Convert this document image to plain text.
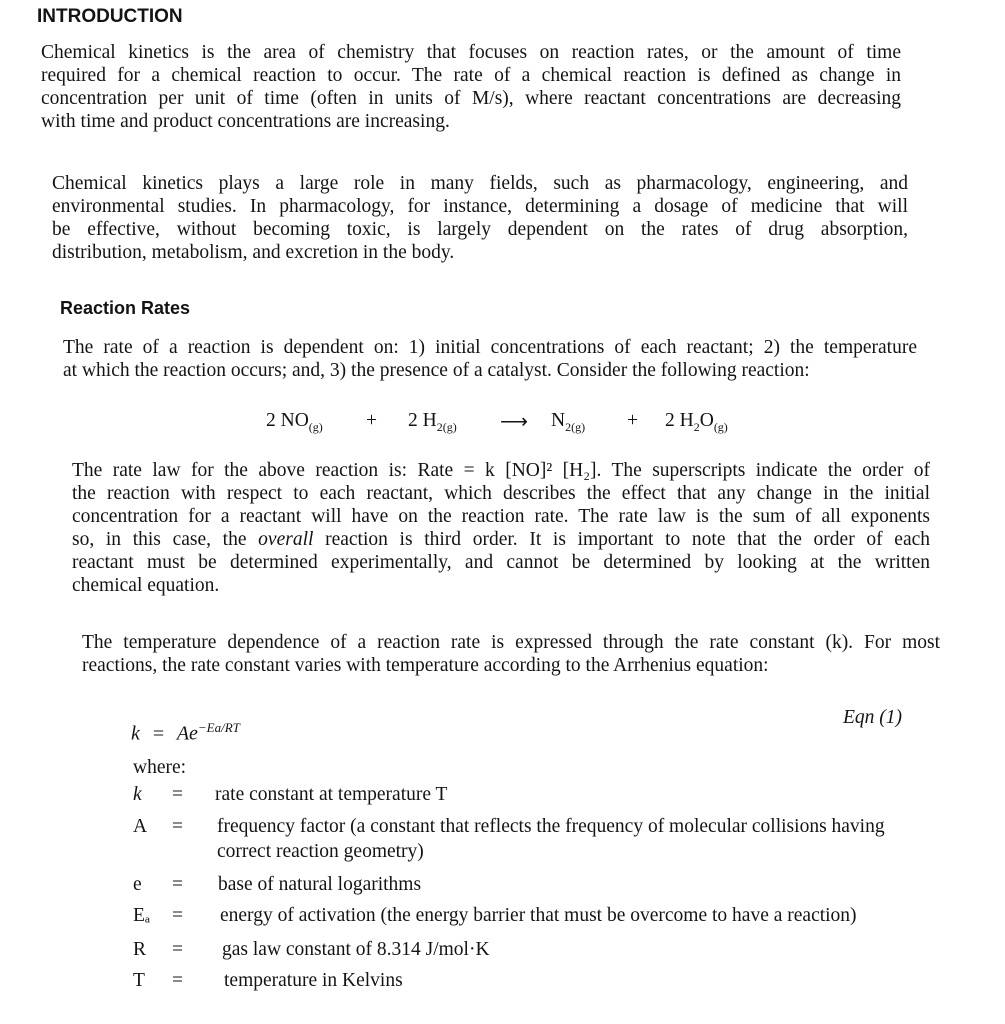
INTRODUCTION
Chemical kinetics is the area of chemistry that focuses on reaction rates, or the amount of time
required for a chemical reaction to occur. The rate of a chemical reaction is defined as change in
concentration per unit of time (often in units of M/s), where reactant concentrations are decreasing
with time and product concentrations are increasing.
Chemical kinetics plays a large role in many fields, such as pharmacology, engineering, and
environmental studies. In pharmacology, for instance, determining a dosage of medicine that will
be effective, without becoming toxic, is largely dependent on the rates of drug absorption,
distribution, metabolism, and excretion in the body.
Reaction Rates
The rate of a reaction is dependent on: 1) initial concentrations of each reactant; 2) the temperature
at which the reaction occurs; and, 3) the presence of a catalyst. Consider the following reaction:
2 $NO_{(g)} + 2$ $H_{2(g)}$ ⟶ $N_{2(g)} + 2$ $H_2O_{(g)}$
The rate law for the above reaction is: Rate = k [NO]² [H₂]. The superscripts indicate the order of
the reaction with respect to each reactant, which describes the effect that any change in the initial
concentration for a reactant will have on the reaction rate. The rate law is the sum of all exponents
so, in this case, the overall reaction is third order. It is important to note that the order of each
reactant must be determined experimentally, and cannot be determined by looking at the written
chemical equation.
The temperature dependence of a reaction rate is expressed through the rate constant (k). For most
reactions, the rate constant varies with temperature according to the Arrhenius equation:
$k = Ae^{-Ea/RT}$	Eqn (1)
where:
k = rate constant at temperature T
A = frequency factor (a constant that reflects the frequency of molecular collisions having
correct reaction geometry)
e = base of natural logarithms
Eₐ = energy of activation (the energy barrier that must be overcome to have a reaction)
R = gas law constant of 8.314 J/mol·K
T = temperature in Kelvins
